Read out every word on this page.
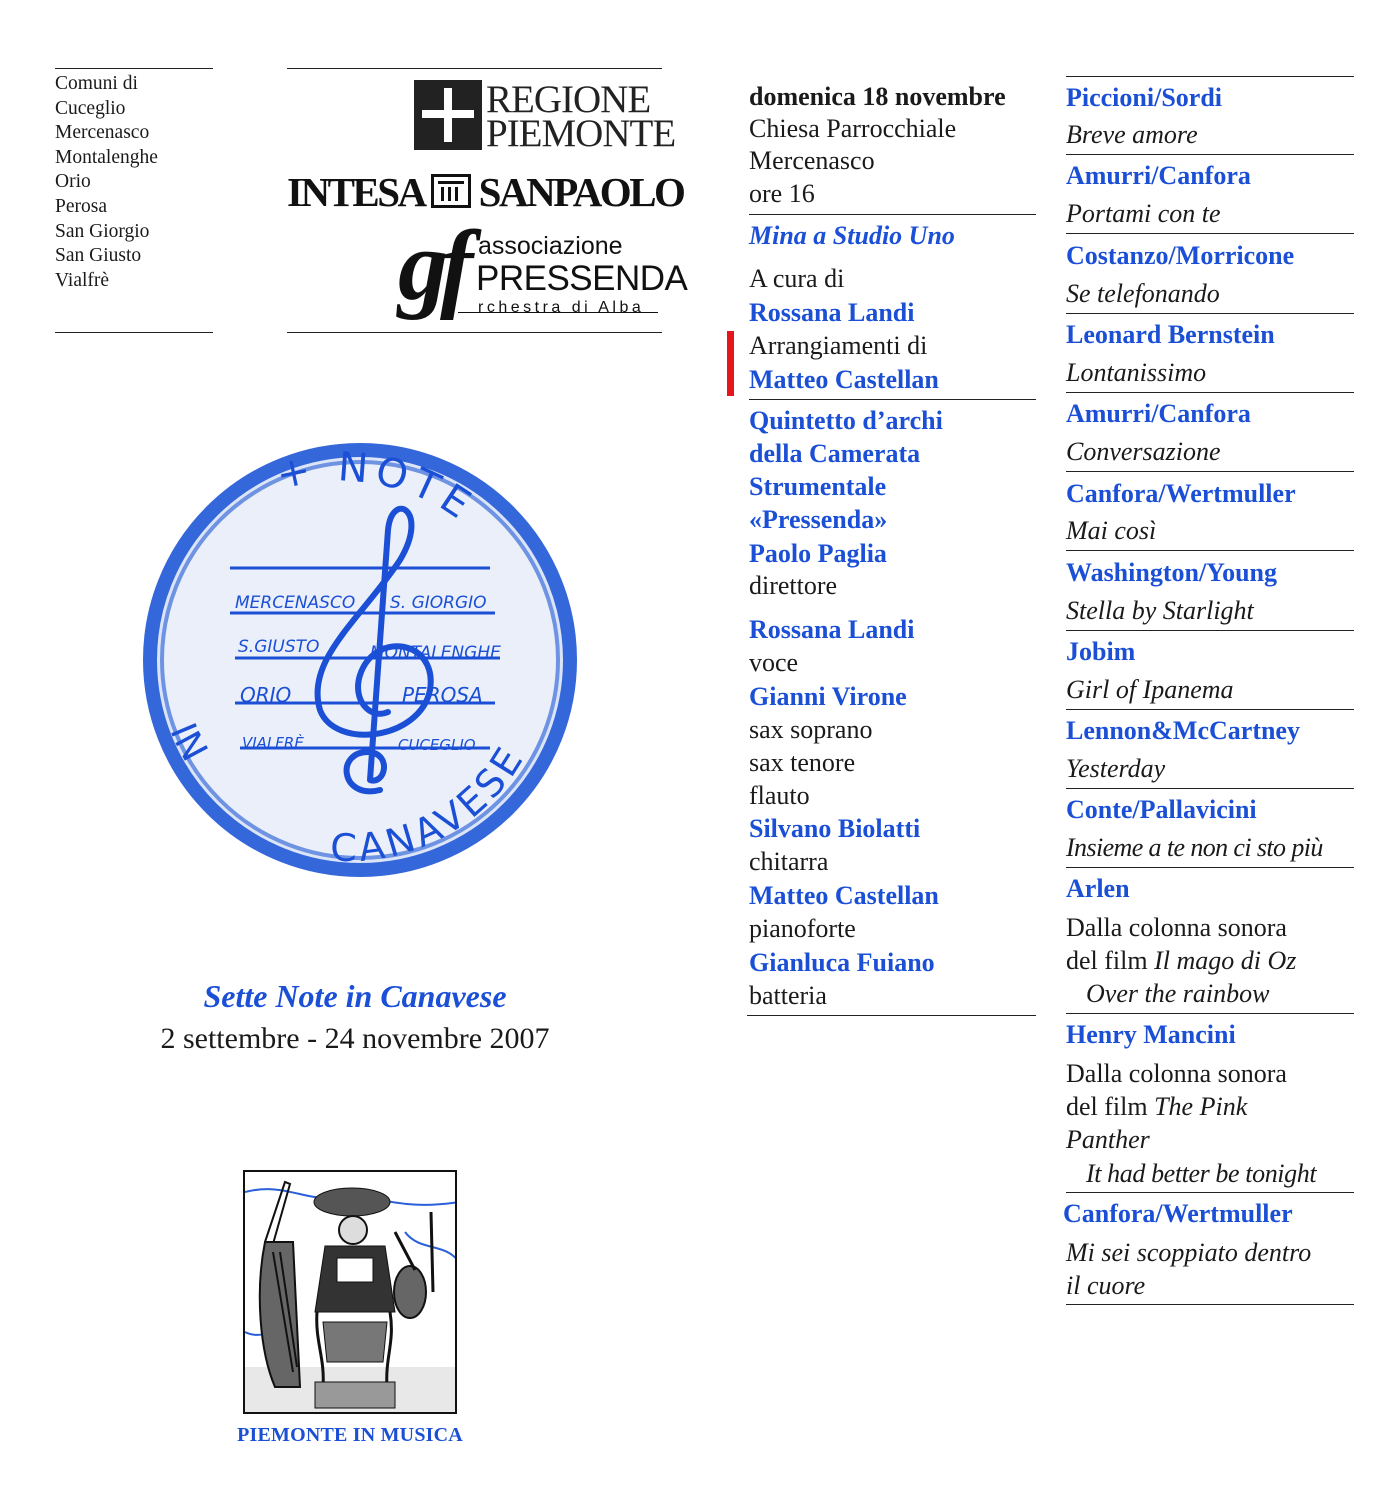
Comuni di
Cuceglio
Mercenasco
Montalenghe
Orio
Perosa
San Giorgio
San Giusto
Vialfrè
REGIONE
PIEMONTE
INTESA SANPAOLO
gf associazione
PRESSENDA
rchestra di Alba
+ NOTE
IN
CANAVESE
MERCENASCO S. GIORGIO
S.GIUSTO	MONTALENGHE
ORIO	PEROSA
VIALFRÈ	CUCEGLIO
Sette Note in Canavese
2 settembre - 24 novembre 2007
PIEMONTE IN MUSICA
domenica 18 novembre
Chiesa Parrocchiale
Mercenasco
ore 16
Mina a Studio Uno
A cura di
Rossana Landi
Arrangiamenti di
Matteo Castellan
Quintetto d’archi
della Camerata
Strumentale
«Pressenda»
Paolo Paglia
direttore
Rossana Landi
voce
Gianni Virone
sax soprano
sax tenore
flauto
Silvano Biolatti
chitarra
Matteo Castellan
pianoforte
Gianluca Fuiano
batteria
Piccioni/Sordi
Breve amore
Amurri/Canfora
Portami con te
Costanzo/Morricone
Se telefonando
Leonard Bernstein
Lontanissimo
Amurri/Canfora
Conversazione
Canfora/Wertmuller
Mai così
Washington/Young
Stella by Starlight
Jobim
Girl of Ipanema
Lennon&McCartney
Yesterday
Conte/Pallavicini
Insieme a te non ci sto più
Arlen
Dalla colonna sonora
del film Il mago di Oz
Over the rainbow
Henry Mancini
Dalla colonna sonora
del film The Pink
Panther
It had better be tonight
Canfora/Wertmuller
Mi sei scoppiato dentro
il cuore
